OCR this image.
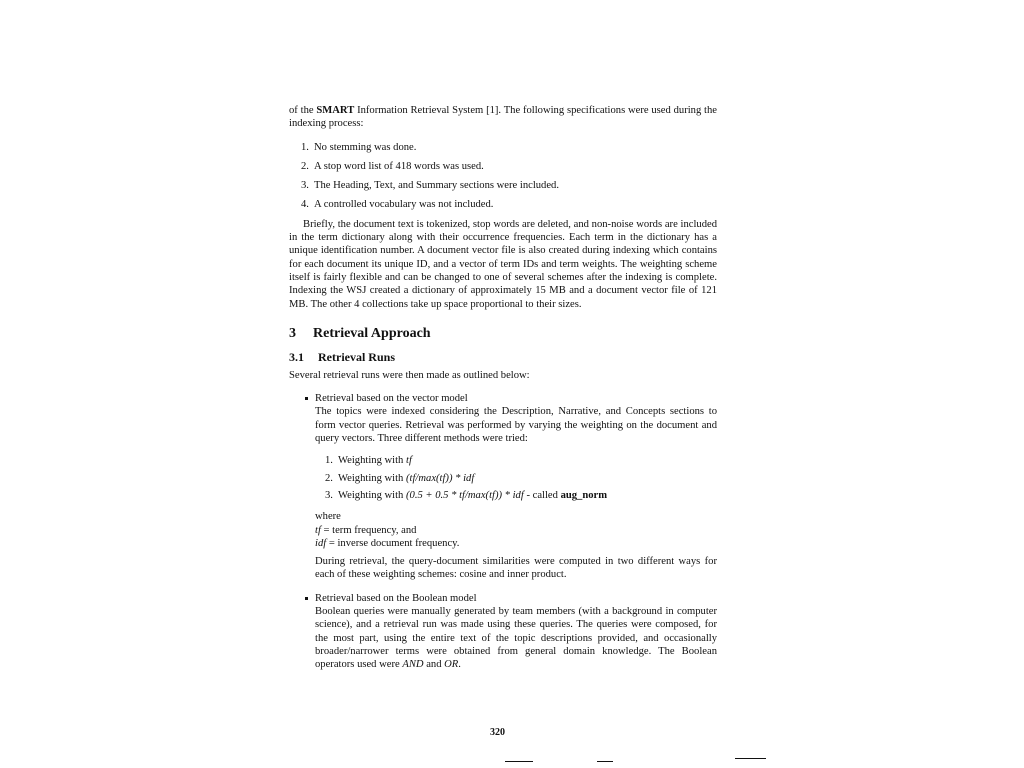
of the SMART Information Retrieval System [1]. The following specifications were used during the indexing process:

1. No stemming was done.
2. A stop word list of 418 words was used.
3. The Heading, Text, and Summary sections were included.
4. A controlled vocabulary was not included.

Briefly, the document text is tokenized, stop words are deleted, and non-noise words are included in the term dictionary along with their occurrence frequencies. Each term in the dictionary has a unique identification number. A document vector file is also created during indexing which contains for each document its unique ID, and a vector of term IDs and term weights. The weighting scheme itself is fairly flexible and can be changed to one of several schemes after the indexing is complete. Indexing the WSJ created a dictionary of approximately 15 MB and a document vector file of 121 MB. The other 4 collections take up space proportional to their sizes.

3 Retrieval Approach
3.1 Retrieval Runs

Several retrieval runs were then made as outlined below:

Retrieval based on the vector model

The topics were indexed considering the Description, Narrative, and Concepts sections to form vector queries. Retrieval was performed by varying the weighting on the document and query vectors. Three different methods were tried:

1. Weighting with tf
2. Weighting with (tf/max(tf)) * idf
3. Weighting with (0.5 + 0.5 * tf/max(tf)) * idf - called aug_norm

where

tf = term frequency, and

idf = inverse document frequency.

During retrieval, the query-document similarities were computed in two different ways for each of these weighting schemes: cosine and inner product.

Retrieval based on the Boolean model

Boolean queries were manually generated by team members (with a background in computer science), and a retrieval run was made using these queries. The queries were composed, for the most part, using the entire text of the topic descriptions provided, and occasionally broader/narrower terms were obtained from general domain knowledge. The Boolean operators used were AND and OR.

320
